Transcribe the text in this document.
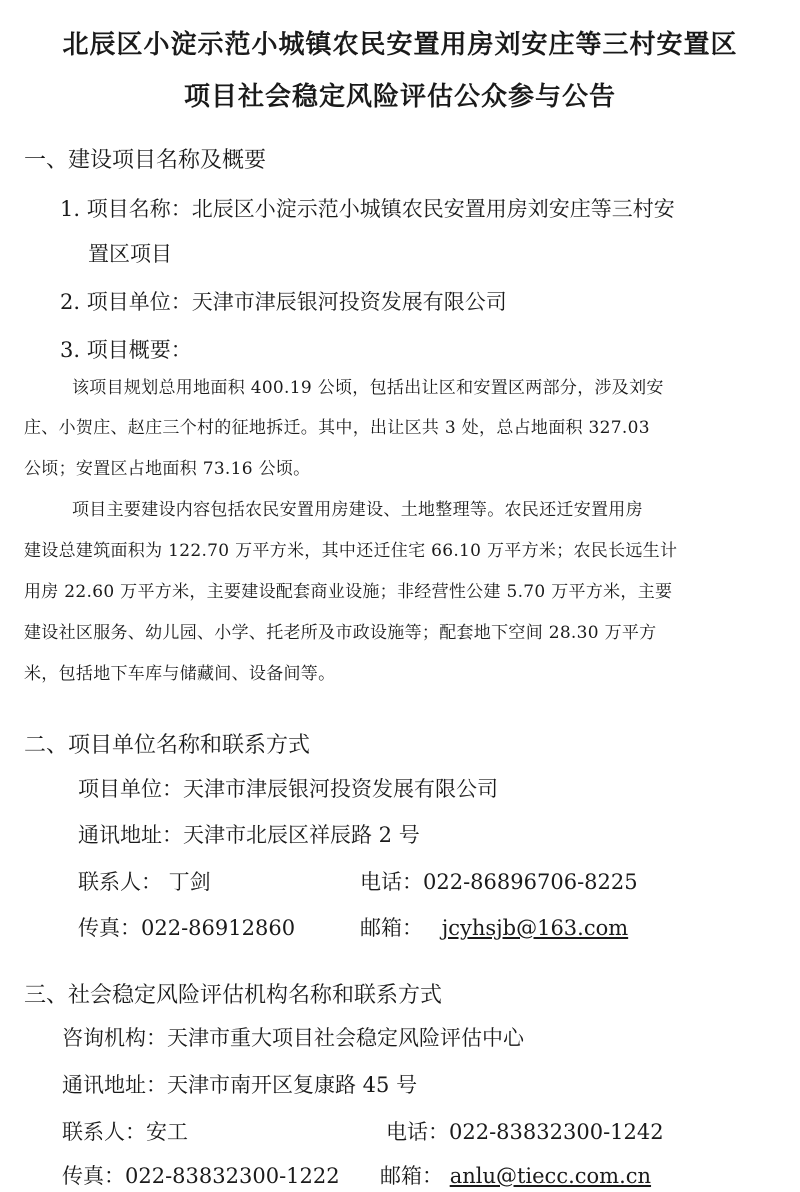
北辰区小淀示范小城镇农民安置用房刘安庄等三村安置区
项目社会稳定风险评估公众参与公告
一、建设项目名称及概要
1. 项目名称：北辰区小淀示范小城镇农民安置用房刘安庄等三村安
置区项目
2. 项目单位：天津市津辰银河投资发展有限公司
3. 项目概要：
该项目规划总用地面积 400.19 公顷，包括出让区和安置区两部分，涉及刘安
庄、小贺庄、赵庄三个村的征地拆迁。其中，出让区共 3 处，总占地面积 327.03
公顷；安置区占地面积 73.16 公顷。
项目主要建设内容包括农民安置用房建设、土地整理等。农民还迁安置用房
建设总建筑面积为 122.70 万平方米，其中还迁住宅 66.10 万平方米；农民长远生计
用房 22.60 万平方米，主要建设配套商业设施；非经营性公建 5.70 万平方米，主要
建设社区服务、幼儿园、小学、托老所及市政设施等；配套地下空间 28.30 万平方
米，包括地下车库与储藏间、设备间等。
二、项目单位名称和联系方式
项目单位：天津市津辰银河投资发展有限公司
通讯地址：天津市北辰区祥辰路 2 号
联系人： 丁剑	电话：022-86896706-8225
传真：022-86912860	邮箱： jcyhsjb@163.com
三、社会稳定风险评估机构名称和联系方式
咨询机构：天津市重大项目社会稳定风险评估中心
通讯地址：天津市南开区复康路 45 号
联系人：安工	电话：022-83832300-1242
传真：022-83832300-1222 邮箱： anlu@tiecc.com.cn
